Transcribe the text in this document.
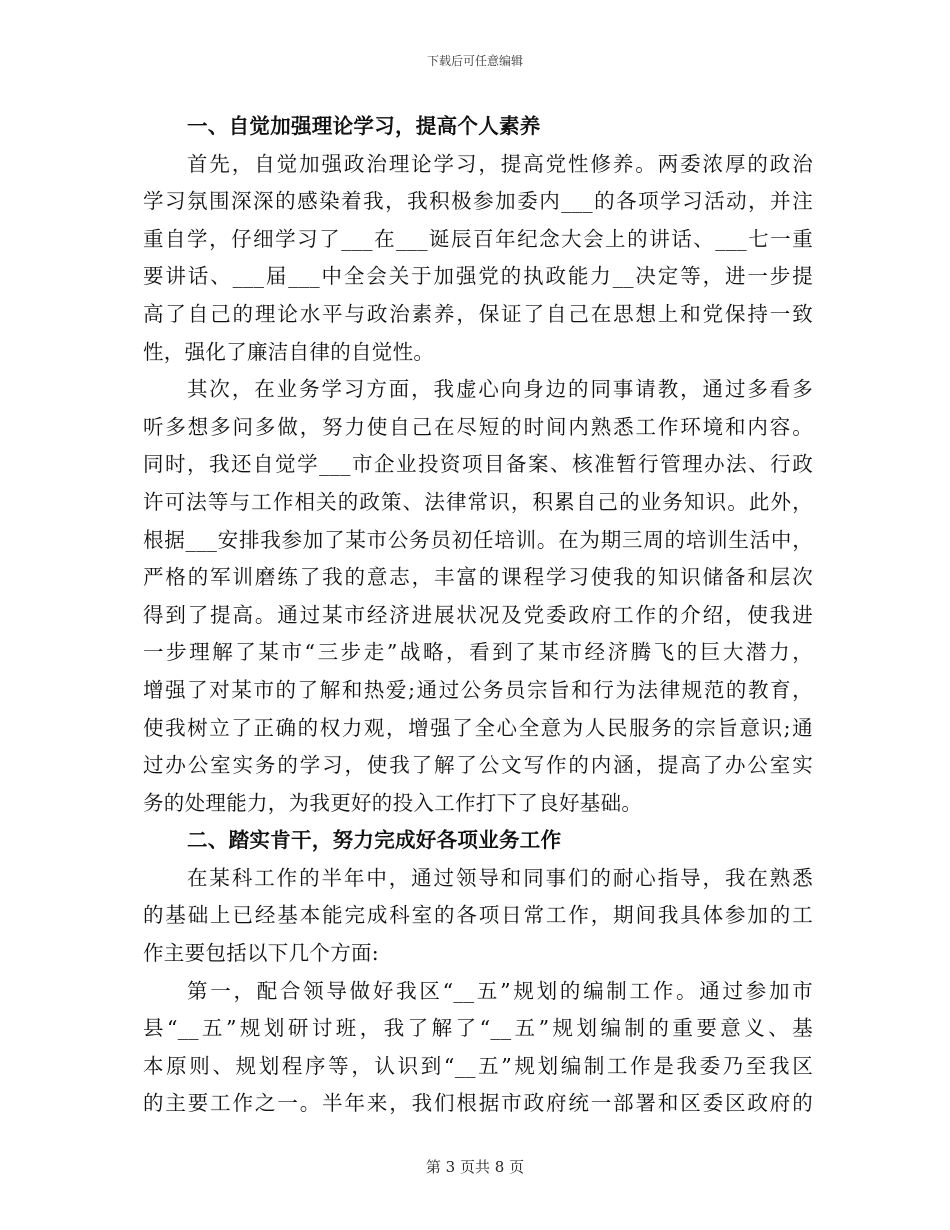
下载后可任意编辑
一、自觉加强理论学习，提高个人素养
首先，自觉加强政治理论学习，提高党性修养。两委浓厚的政治
学习氛围深深的感染着我，我积极参加委内___的各项学习活动，并注
重自学，仔细学习了___在___诞辰百年纪念大会上的讲话、___七一重
要讲话、___届___中全会关于加强党的执政能力__决定等，进一步提
高了自己的理论水平与政治素养，保证了自己在思想上和党保持一致
性，强化了廉洁自律的自觉性。
其次，在业务学习方面，我虚心向身边的同事请教，通过多看多
听多想多问多做，努力使自己在尽短的时间内熟悉工作环境和内容。
同时，我还自觉学___市企业投资项目备案、核准暂行管理办法、行政
许可法等与工作相关的政策、法律常识，积累自己的业务知识。此外，
根据___安排我参加了某市公务员初任培训。在为期三周的培训生活中，
严格的军训磨练了我的意志，丰富的课程学习使我的知识储备和层次
得到了提高。通过某市经济进展状况及党委政府工作的介绍，使我进
一步理解了某市“三步走”战略，看到了某市经济腾飞的巨大潜力，
增强了对某市的了解和热爱;通过公务员宗旨和行为法律规范的教育，
使我树立了正确的权力观，增强了全心全意为人民服务的宗旨意识;通
过办公室实务的学习，使我了解了公文写作的内涵，提高了办公室实
务的处理能力，为我更好的投入工作打下了良好基础。
二、踏实肯干，努力完成好各项业务工作
在某科工作的半年中，通过领导和同事们的耐心指导，我在熟悉
的基础上已经基本能完成科室的各项日常工作，期间我具体参加的工
作主要包括以下几个方面:
第一，配合领导做好我区“__五”规划的编制工作。通过参加市
县“__五”规划研讨班，我了解了“__五”规划编制的重要意义、基
本原则、规划程序等，认识到“__五”规划编制工作是我委乃至我区
的主要工作之一。半年来，我们根据市政府统一部署和区委区政府的
第 3 页共 8 页
